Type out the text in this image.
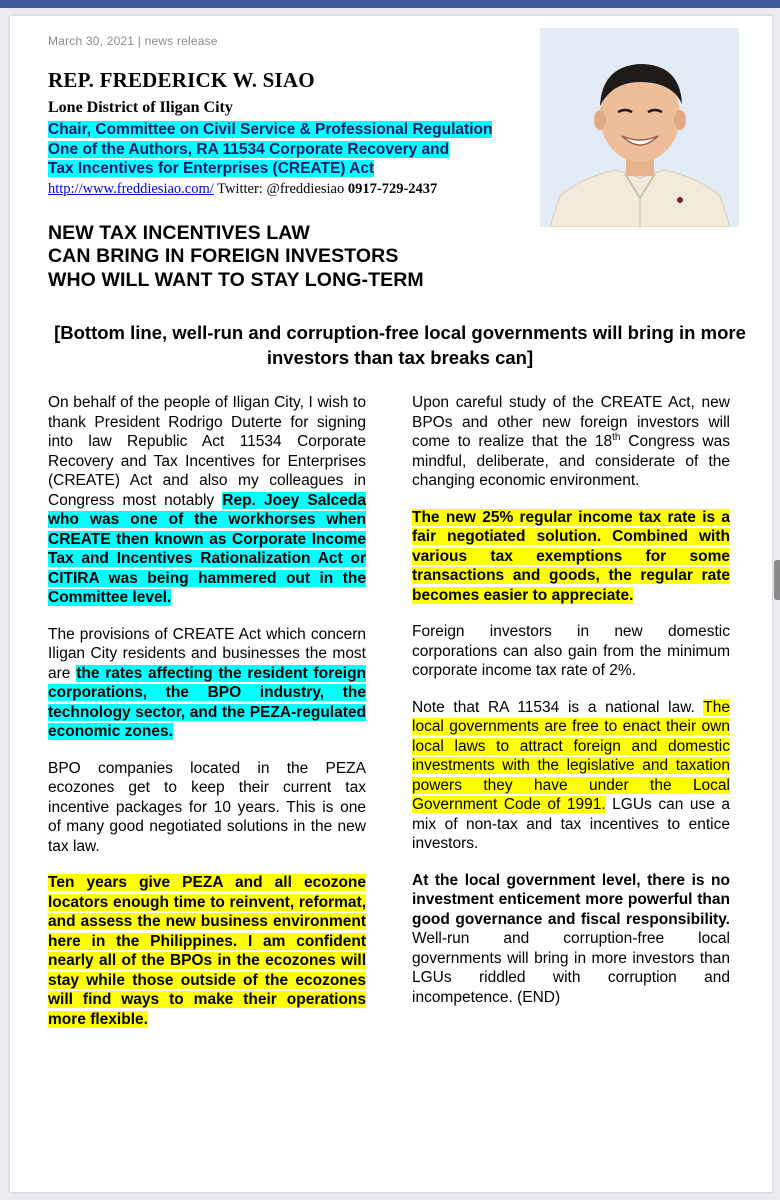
March 30, 2021 | news release
REP. FREDERICK W. SIAO
Lone District of Iligan City
Chair, Committee on Civil Service & Professional Regulation
One of the Authors, RA 11534 Corporate Recovery and
Tax Incentives for Enterprises (CREATE) Act
http://www.freddiesiao.com/ Twitter: @freddiesiao 0917-729-2437
NEW TAX INCENTIVES LAW
CAN BRING IN FOREIGN INVESTORS
WHO WILL WANT TO STAY LONG-TERM
[Bottom line, well-run and corruption-free local governments will bring in more investors than tax breaks can]

On behalf of the people of Iligan City, I wish to thank President Rodrigo Duterte for signing into law Republic Act 11534 Corporate Recovery and Tax Incentives for Enterprises (CREATE) Act and also my colleagues in Congress most notably Rep. Joey Salceda who was one of the workhorses when CREATE then known as Corporate Income Tax and Incentives Rationalization Act or CITIRA was being hammered out in the Committee level.

The provisions of CREATE Act which concern Iligan City residents and businesses the most are the rates affecting the resident foreign corporations, the BPO industry, the technology sector, and the PEZA-regulated economic zones.

BPO companies located in the PEZA ecozones get to keep their current tax incentive packages for 10 years. This is one of many good negotiated solutions in the new tax law.

Ten years give PEZA and all ecozone locators enough time to reinvent, reformat, and assess the new business environment here in the Philippines. I am confident nearly all of the BPOs in the ecozones will stay while those outside of the ecozones will find ways to make their operations more flexible.

Upon careful study of the CREATE Act, new BPOs and other new foreign investors will come to realize that the 18th Congress was mindful, deliberate, and considerate of the changing economic environment.

The new 25% regular income tax rate is a fair negotiated solution. Combined with various tax exemptions for some transactions and goods, the regular rate becomes easier to appreciate.

Foreign investors in new domestic corporations can also gain from the minimum corporate income tax rate of 2%.

Note that RA 11534 is a national law. The local governments are free to enact their own local laws to attract foreign and domestic investments with the legislative and taxation powers they have under the Local Government Code of 1991. LGUs can use a mix of non-tax and tax incentives to entice investors.

At the local government level, there is no investment enticement more powerful than good governance and fiscal responsibility. Well-run and corruption-free local governments will bring in more investors than LGUs riddled with corruption and incompetence. (END)
